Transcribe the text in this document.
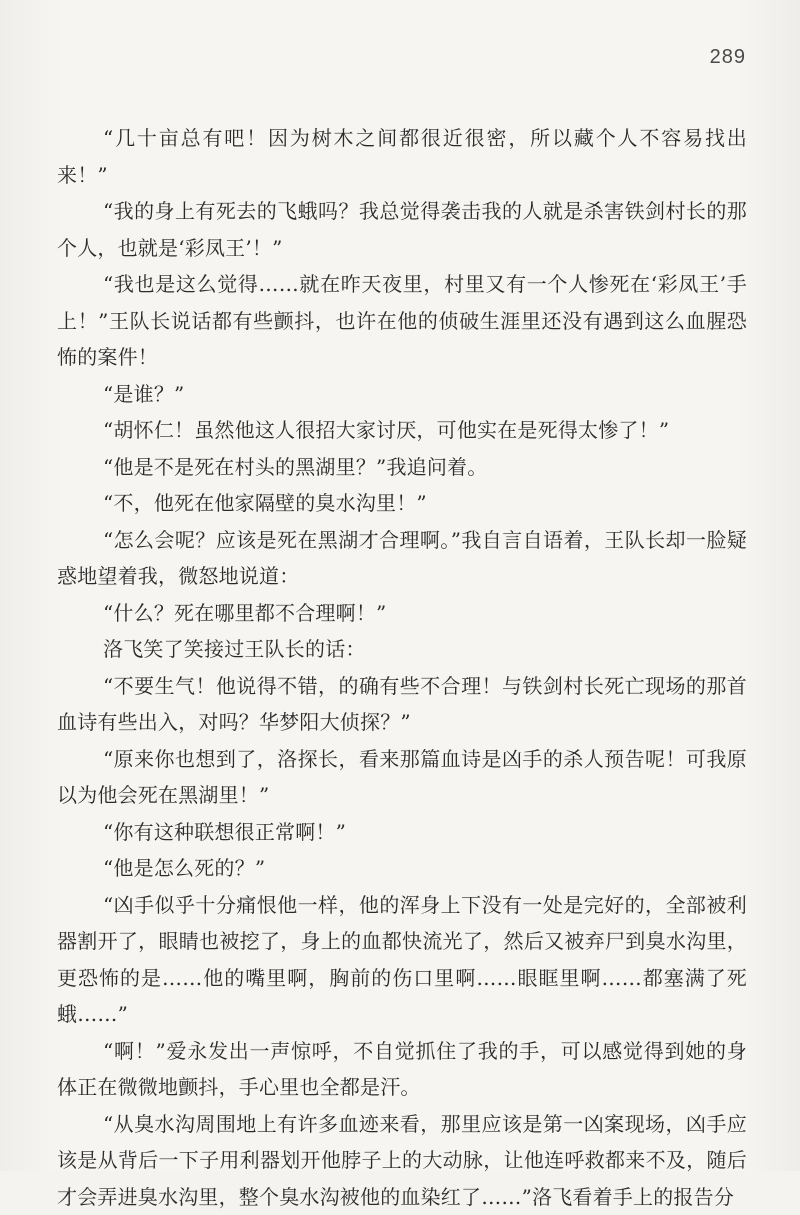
289

“几十亩总有吧！因为树木之间都很近很密，所以藏个人不容易找出来！”

“我的身上有死去的飞蛾吗？我总觉得袭击我的人就是杀害铁剑村长的那个人，也就是‘彩凤王’！”

“我也是这么觉得……就在昨天夜里，村里又有一个人惨死在‘彩凤王’手上！”王队长说话都有些颤抖，也许在他的侦破生涯里还没有遇到这么血腥恐怖的案件！

“是谁？”

“胡怀仁！虽然他这人很招大家讨厌，可他实在是死得太惨了！”

“他是不是死在村头的黑湖里？”我追问着。

“不，他死在他家隔壁的臭水沟里！”

“怎么会呢？应该是死在黑湖才合理啊。”我自言自语着，王队长却一脸疑惑地望着我，微怒地说道：

“什么？死在哪里都不合理啊！”

洛飞笑了笑接过王队长的话：

“不要生气！他说得不错，的确有些不合理！与铁剑村长死亡现场的那首血诗有些出入，对吗？华梦阳大侦探？”

“原来你也想到了，洛探长，看来那篇血诗是凶手的杀人预告呢！可我原以为他会死在黑湖里！”

“你有这种联想很正常啊！”

“他是怎么死的？”

“凶手似乎十分痛恨他一样，他的浑身上下没有一处是完好的，全部被利器割开了，眼睛也被挖了，身上的血都快流光了，然后又被弃尸到臭水沟里，更恐怖的是……他的嘴里啊，胸前的伤口里啊……眼眶里啊……都塞满了死蛾……”

“啊！”爱永发出一声惊呼，不自觉抓住了我的手，可以感觉得到她的身体正在微微地颤抖，手心里也全都是汗。

“从臭水沟周围地上有许多血迹来看，那里应该是第一凶案现场，凶手应该是从背后一下子用利器划开他脖子上的大动脉，让他连呼救都来不及，随后才会弄进臭水沟里，整个臭水沟被他的血染红了……”洛飞看着手上的报告分
